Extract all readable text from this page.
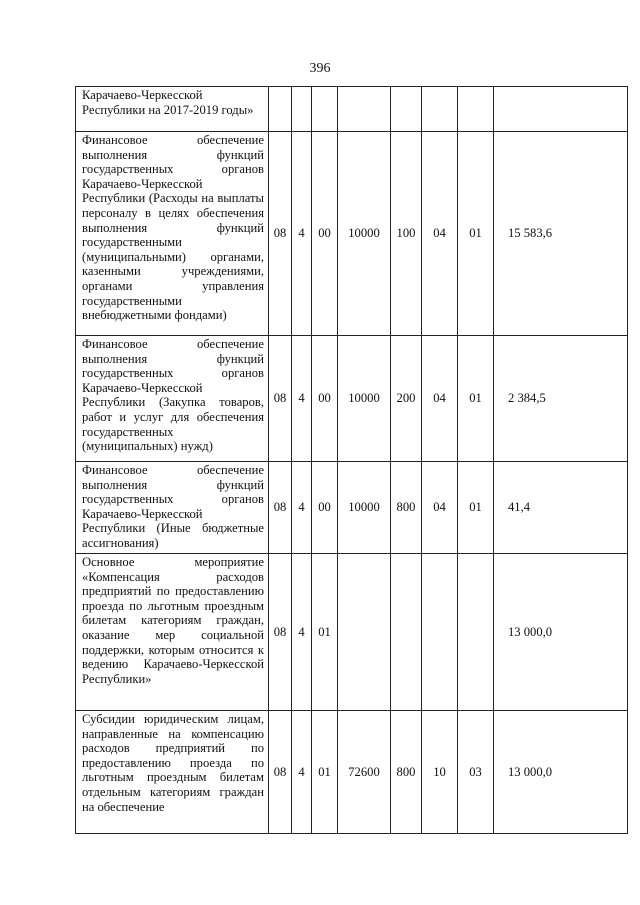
396
Карачаево-Черкесской Республики на 2017-2019 годы»								
Финансовое обеспечение выполнения функций государственных органов Карачаево-Черкесской Республики (Расходы на выплаты персоналу в целях обеспечения выполнения функций государственными (муниципальными) органами, казенными учреждениями, органами управления государственными внебюджетными фондами)	08	4	00	10000	100	04	01	15 583,6
Финансовое обеспечение выполнения функций государственных органов Карачаево-Черкесской Республики (Закупка товаров, работ и услуг для обеспечения государственных (муниципальных) нужд)	08	4	00	10000	200	04	01	2 384,5
Финансовое обеспечение выполнения функций государственных органов Карачаево-Черкесской Республики (Иные бюджетные ассигнования)	08	4	00	10000	800	04	01	41,4
Основное мероприятие «Компенсация расходов предприятий по предоставлению проезда по льготным проездным билетам категориям граждан, оказание мер социальной поддержки, которым относится к ведению Карачаево-Черкесской Республики»	08	4	01					13 000,0
Субсидии юридическим лицам, направленные на компенсацию расходов предприятий по предоставлению проезда по льготным проездным билетам отдельным категориям граждан на обеспечение	08	4	01	72600	800	10	03	13 000,0
